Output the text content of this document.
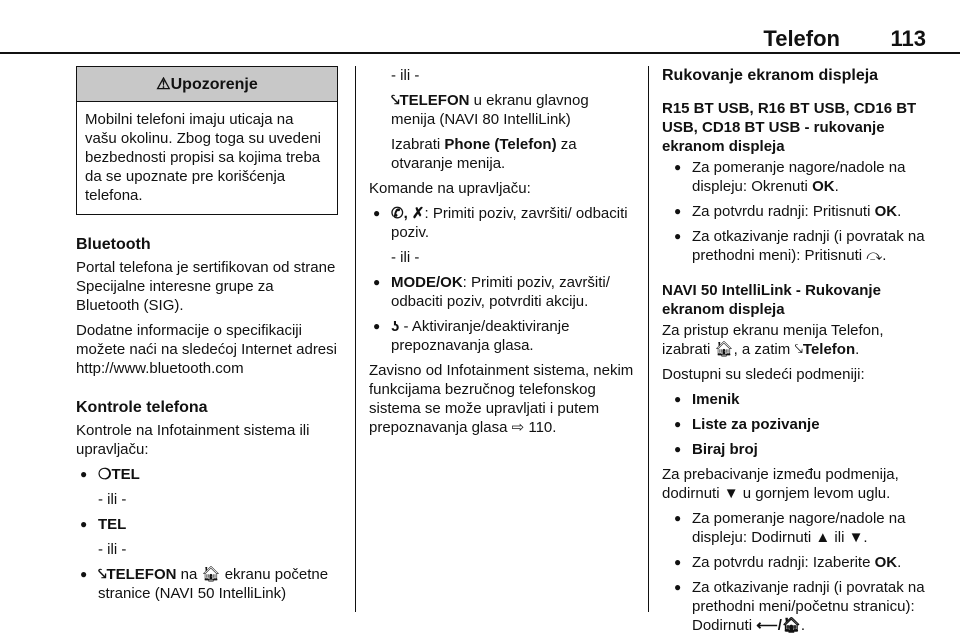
Telefon 113
⚠Upozorenje
Mobilni telefoni imaju uticaja na vašu okolinu. Zbog toga su uvedeni bezbednosti propisi sa kojima treba da se upoznate pre korišćenja telefona.
Bluetooth

Portal telefona je sertifikovan od strane Specijalne interesne grupe za Bluetooth (SIG).

Dodatne informacije o specifikaciji možete naći na sledećoj Internet adresi http://www.bluetooth.com

Kontrole telefona

Kontrole na Infotainment sistema ili upravljaču:

● ❍TEL
- ili -
● TEL
- ili -
● ⤥TELEFON na 🏠︎ ekranu početne stranice (NAVI 50 IntelliLink)
- ili -
⤥TELEFON u ekranu glavnog menija (NAVI 80 IntelliLink)
Izabrati Phone (Telefon) za otvaranje menija.

Komande na upravljaču:

● ✆, ✗: Primiti poziv, završiti/ odbaciti poziv.
- ili -
● MODE/OK: Primiti poziv, završiti/ odbaciti poziv, potvrditi akciju.
● ʖ - Aktiviranje/deaktiviranje prepoznavanja glasa.

Zavisno od Infotainment sistema, nekim funkcijama bezručnog telefonskog sistema se može upravljati i putem prepoznavanja glasa ⇨ 110.

Rukovanje ekranom displeja
R15 BT USB, R16 BT USB, CD16 BT USB, CD18 BT USB - rukovanje ekranom displeja
● Za pomeranje nagore/nadole na displeju: Okrenuti OK.
● Za potvrdu radnji: Pritisnuti OK.
● Za otkazivanje radnji (i povratak na prethodni meni): Pritisnuti ⤼.
NAVI 50 IntelliLink - Rukovanje ekranom displeja

Za pristup ekranu menija Telefon, izabrati 🏠︎, a zatim ⤥Telefon.

Dostupni su sledeći podmeniji:

● Imenik
● Liste za pozivanje
● Biraj broj

Za prebacivanje između podmenija, dodirnuti ▼ u gornjem levom uglu.

● Za pomeranje nagore/nadole na displeju: Dodirnuti ▲ ili ▼.
● Za potvrdu radnji: Izaberite OK.
● Za otkazivanje radnji (i povratak na prethodni meni/početnu stranicu): Dodirnuti ⟵/🏠︎.
